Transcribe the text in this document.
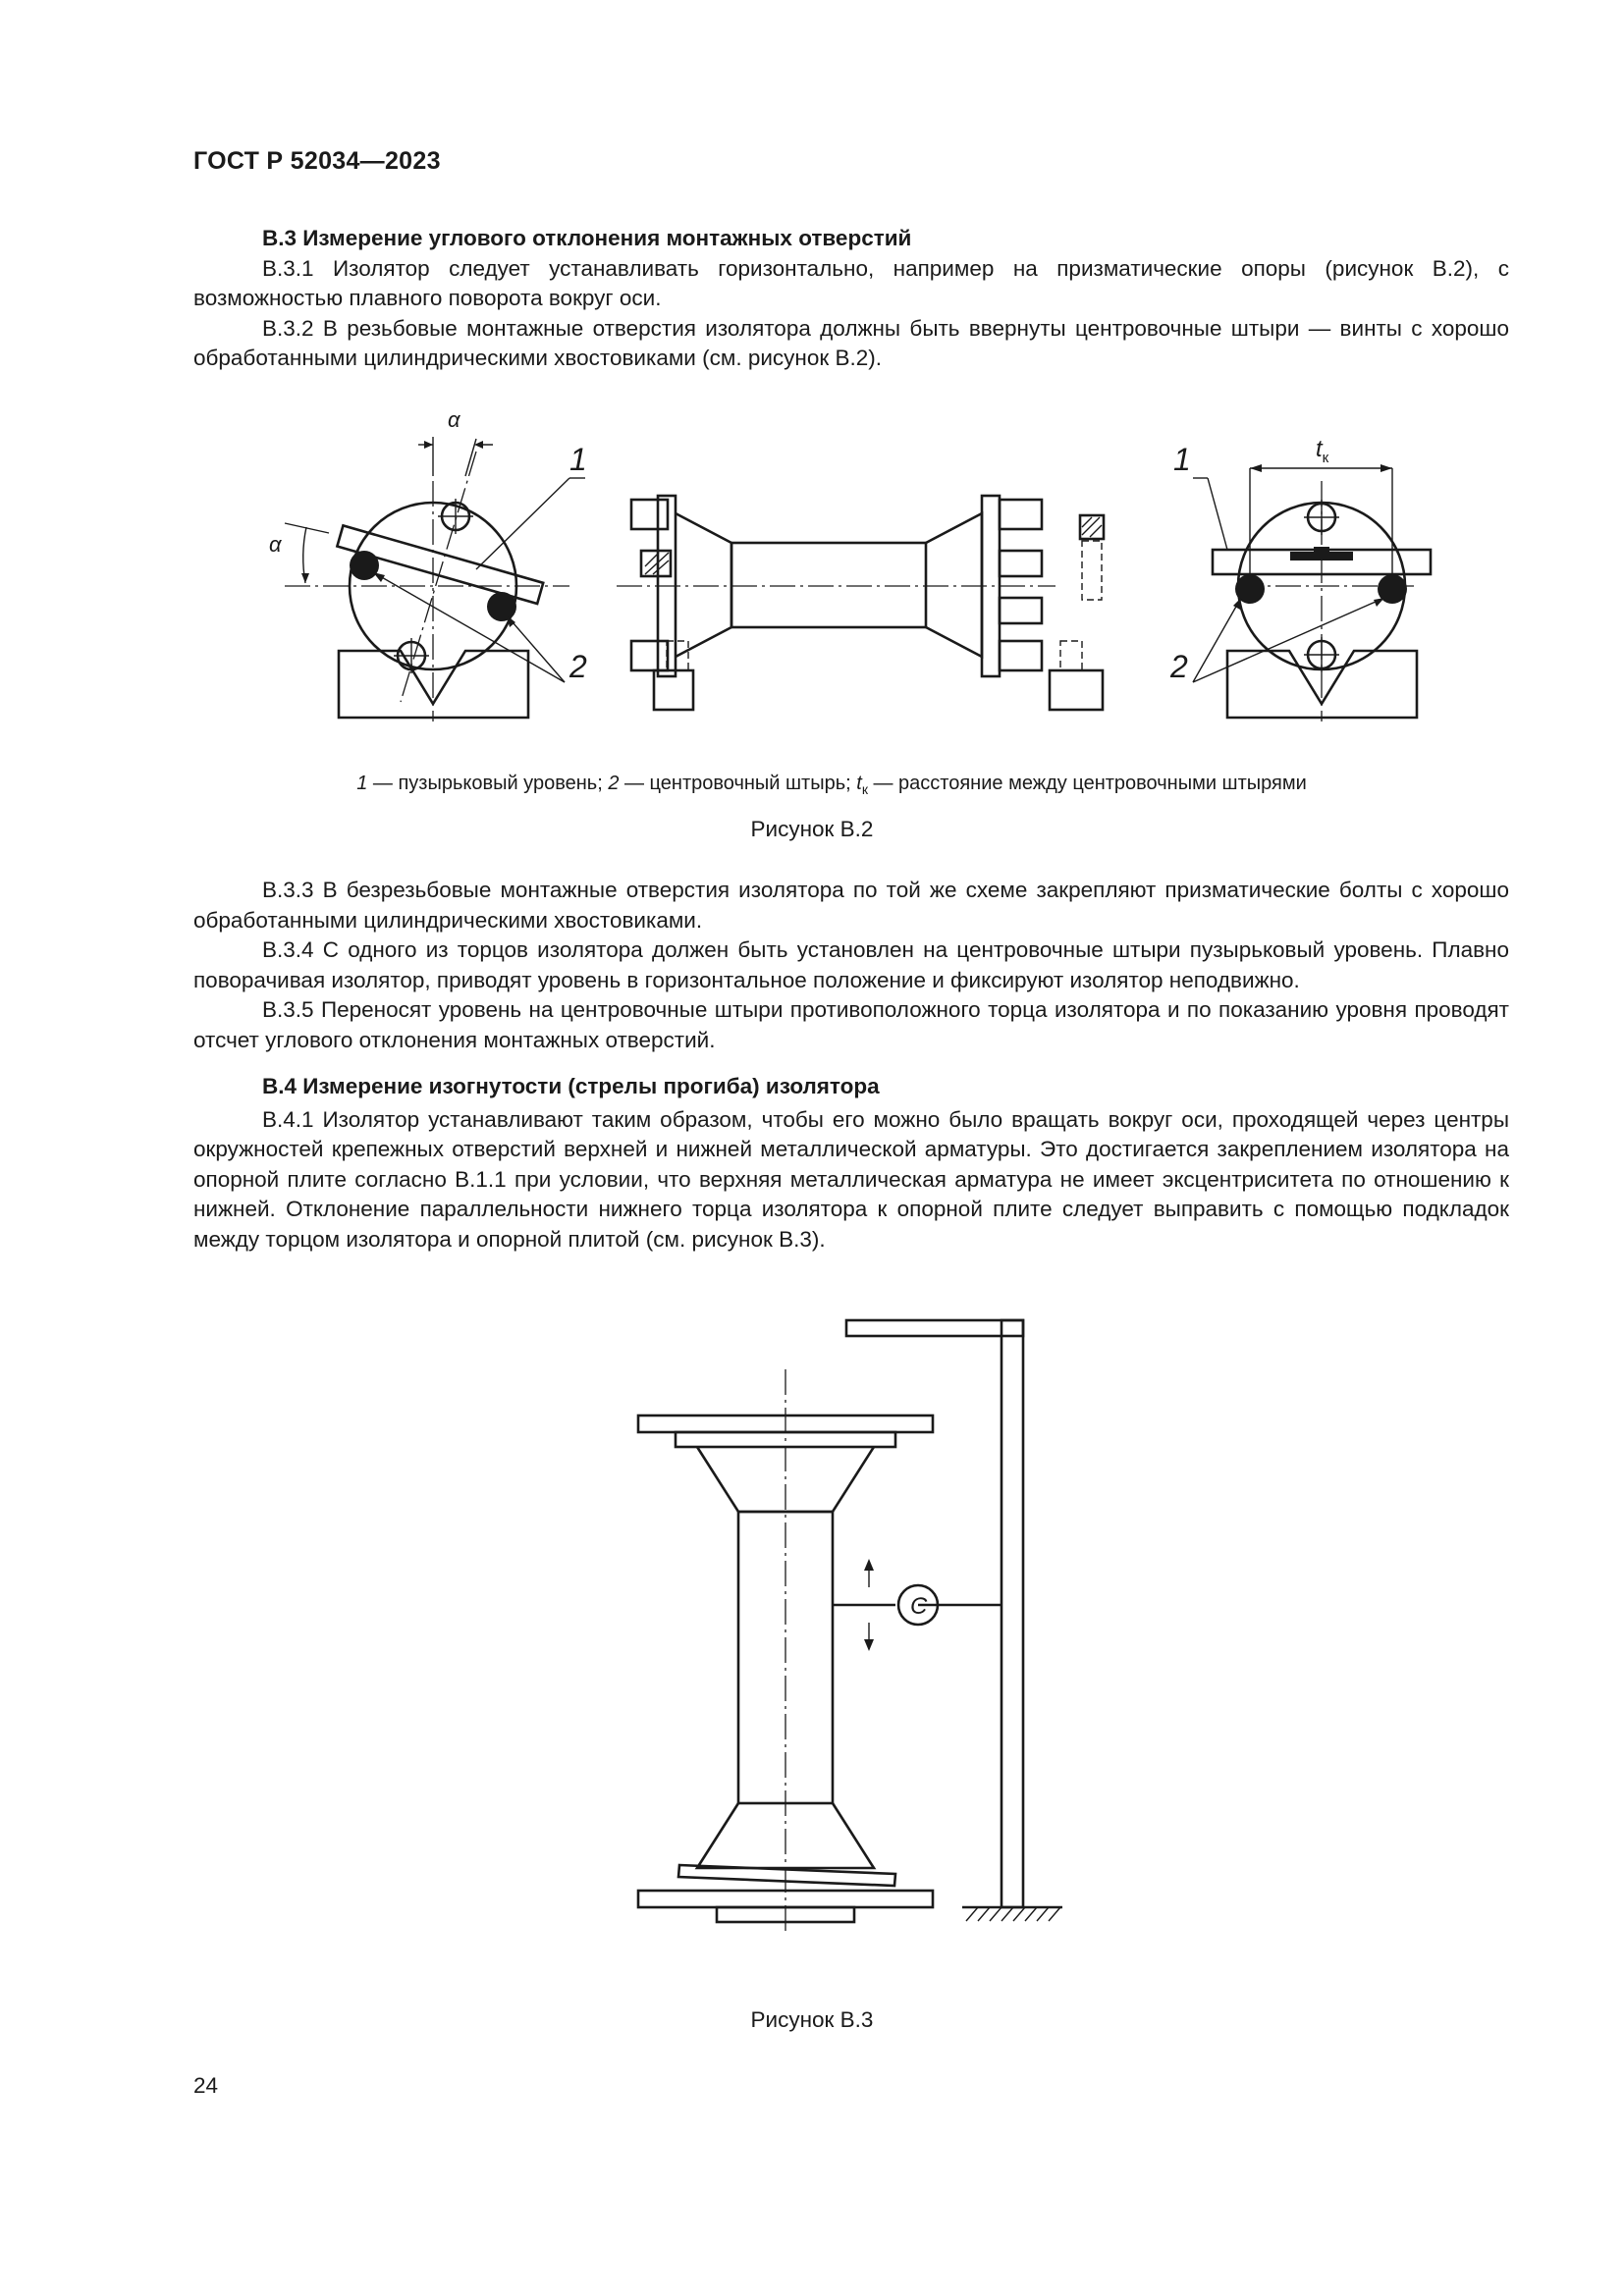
ГОСТ Р 52034—2023
В.3 Измерение углового отклонения монтажных отверстий

В.3.1 Изолятор следует устанавливать горизонтально, например на призматические опоры (рисунок В.2), с возможностью плавного поворота вокруг оси.

В.3.2 В резьбовые монтажные отверстия изолятора должны быть ввернуты центровочные штыри — винты с хорошо обработанными цилиндрическими хвостовиками (см. рисунок В.2).

α
α
1
2
$t_к$
1
2
1 — пузырьковый уровень; 2 — центровочный штырь; $t_к$ — расстояние между центровочными штырями
Рисунок В.2

В.3.3 В безрезьбовые монтажные отверстия изолятора по той же схеме закрепляют призматические болты с хорошо обработанными цилиндрическими хвостовиками.

В.3.4 С одного из торцов изолятора должен быть установлен на центровочные штыри пузырьковый уровень. Плавно поворачивая изолятор, приводят уровень в горизонтальное положение и фиксируют изолятор неподвижно.

В.3.5 Переносят уровень на центровочные штыри противоположного торца изолятора и по показанию уровня проводят отсчет углового отклонения монтажных отверстий.

В.4 Измерение изогнутости (стрелы прогиба) изолятора

В.4.1 Изолятор устанавливают таким образом, чтобы его можно было вращать вокруг оси, проходящей через центры окружностей крепежных отверстий верхней и нижней металлической арматуры. Это достигается закреплением изолятора на опорной плите согласно В.1.1 при условии, что верхняя металлическая арматура не имеет эксцентриситета по отношению к нижней. Отклонение параллельности нижнего торца изолятора к опорной плите следует выправить с помощью подкладок между торцом изолятора и опорной плитой (см. рисунок В.3).

C
Рисунок В.3
24
